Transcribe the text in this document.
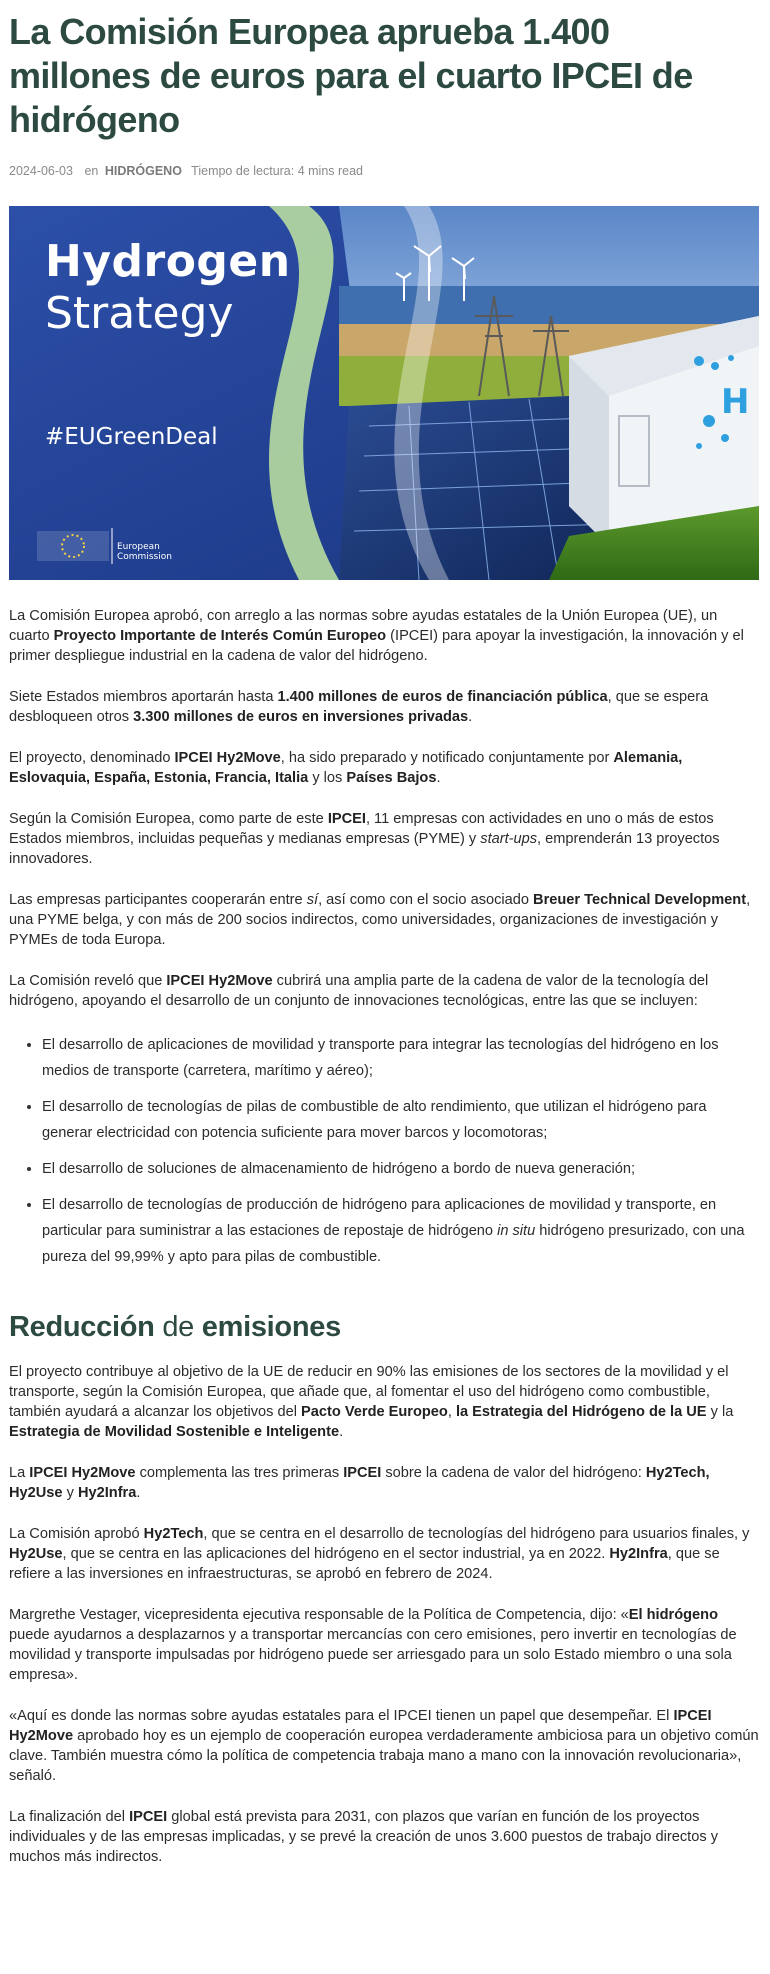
La Comisión Europea aprueba 1.400 millones de euros para el cuarto IPCEI de hidrógeno
2024-06-03 en HIDRÓGENO Tiempo de lectura: 4 mins read
Hydrogen
Strategy
#EUGreenDeal
European
Commission
H

La Comisión Europea aprobó, con arreglo a las normas sobre ayudas estatales de la Unión Europea (UE), un cuarto Proyecto Importante de Interés Común Europeo (IPCEI) para apoyar la investigación, la innovación y el primer despliegue industrial en la cadena de valor del hidrógeno.

Siete Estados miembros aportarán hasta 1.400 millones de euros de financiación pública, que se espera desbloqueen otros 3.300 millones de euros en inversiones privadas.

El proyecto, denominado IPCEI Hy2Move, ha sido preparado y notificado conjuntamente por Alemania, Eslovaquia, España, Estonia, Francia, Italia y los Países Bajos.

Según la Comisión Europea, como parte de este IPCEI, 11 empresas con actividades en uno o más de estos Estados miembros, incluidas pequeñas y medianas empresas (PYME) y start-ups, emprenderán 13 proyectos innovadores.

Las empresas participantes cooperarán entre sí, así como con el socio asociado Breuer Technical Development, una PYME belga, y con más de 200 socios indirectos, como universidades, organizaciones de investigación y PYMEs de toda Europa.

La Comisión reveló que IPCEI Hy2Move cubrirá una amplia parte de la cadena de valor de la tecnología del hidrógeno, apoyando el desarrollo de un conjunto de innovaciones tecnológicas, entre las que se incluyen:

• El desarrollo de aplicaciones de movilidad y transporte para integrar las tecnologías del hidrógeno en los medios de transporte (carretera, marítimo y aéreo);
• El desarrollo de tecnologías de pilas de combustible de alto rendimiento, que utilizan el hidrógeno para generar electricidad con potencia suficiente para mover barcos y locomotoras;
• El desarrollo de soluciones de almacenamiento de hidrógeno a bordo de nueva generación;
• El desarrollo de tecnologías de producción de hidrógeno para aplicaciones de movilidad y transporte, en particular para suministrar a las estaciones de repostaje de hidrógeno in situ hidrógeno presurizado, con una pureza del 99,99% y apto para pilas de combustible.
Reducción de emisiones

El proyecto contribuye al objetivo de la UE de reducir en 90% las emisiones de los sectores de la movilidad y el transporte, según la Comisión Europea, que añade que, al fomentar el uso del hidrógeno como combustible, también ayudará a alcanzar los objetivos del Pacto Verde Europeo, la Estrategia del Hidrógeno de la UE y la Estrategia de Movilidad Sostenible e Inteligente.

La IPCEI Hy2Move complementa las tres primeras IPCEI sobre la cadena de valor del hidrógeno: Hy2Tech, Hy2Use y Hy2Infra.

La Comisión aprobó Hy2Tech, que se centra en el desarrollo de tecnologías del hidrógeno para usuarios finales, y Hy2Use, que se centra en las aplicaciones del hidrógeno en el sector industrial, ya en 2022. Hy2Infra, que se refiere a las inversiones en infraestructuras, se aprobó en febrero de 2024.

Margrethe Vestager, vicepresidenta ejecutiva responsable de la Política de Competencia, dijo: «El hidrógeno puede ayudarnos a desplazarnos y a transportar mercancías con cero emisiones, pero invertir en tecnologías de movilidad y transporte impulsadas por hidrógeno puede ser arriesgado para un solo Estado miembro o una sola empresa».

«Aquí es donde las normas sobre ayudas estatales para el IPCEI tienen un papel que desempeñar. El IPCEI Hy2Move aprobado hoy es un ejemplo de cooperación europea verdaderamente ambiciosa para un objetivo común clave. También muestra cómo la política de competencia trabaja mano a mano con la innovación revolucionaria», señaló.

La finalización del IPCEI global está prevista para 2031, con plazos que varían en función de los proyectos individuales y de las empresas implicadas, y se prevé la creación de unos 3.600 puestos de trabajo directos y muchos más indirectos.
